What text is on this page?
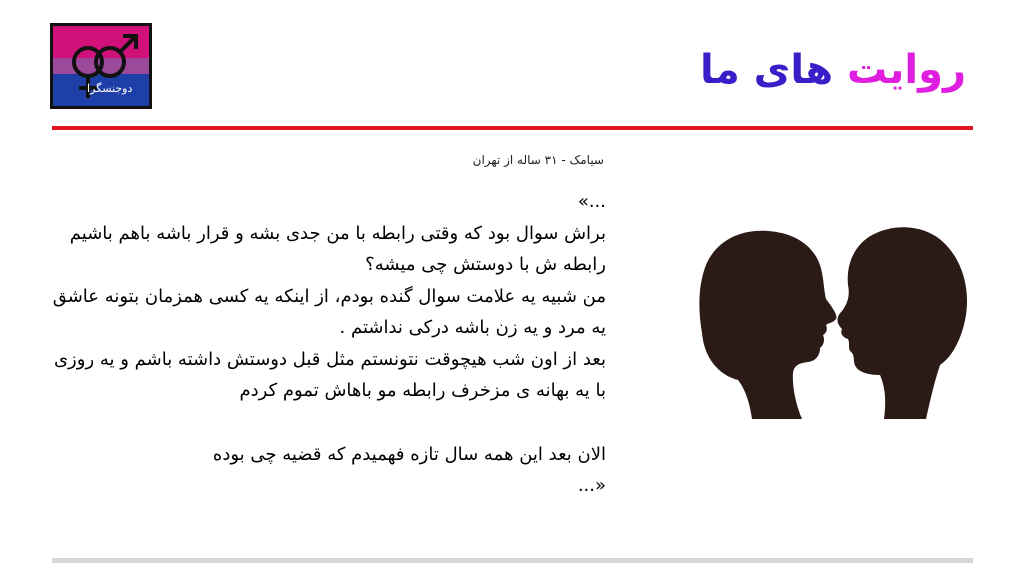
دوجنسگرا	روایت های ما
سیامک - ۳۱ ساله از تهران

...»

براش سوال بود که وقتی رابطه با من جدی بشه و قرار باشه باهم باشیم رابطه ش با دوستش چی میشه؟

من شبیه یه علامت سوال گنده بودم، از اینکه یه کسی همزمان بتونه عاشق یه مرد و یه زن باشه درکی نداشتم .

بعد از اون شب هیچوقت نتونستم مثل قبل دوستش داشته باشم و یه روزی با یه بهانه ی مزخرف رابطه مو باهاش تموم کردم

الان بعد این همه سال تازه فهمیدم که قضیه چی بوده

«...
